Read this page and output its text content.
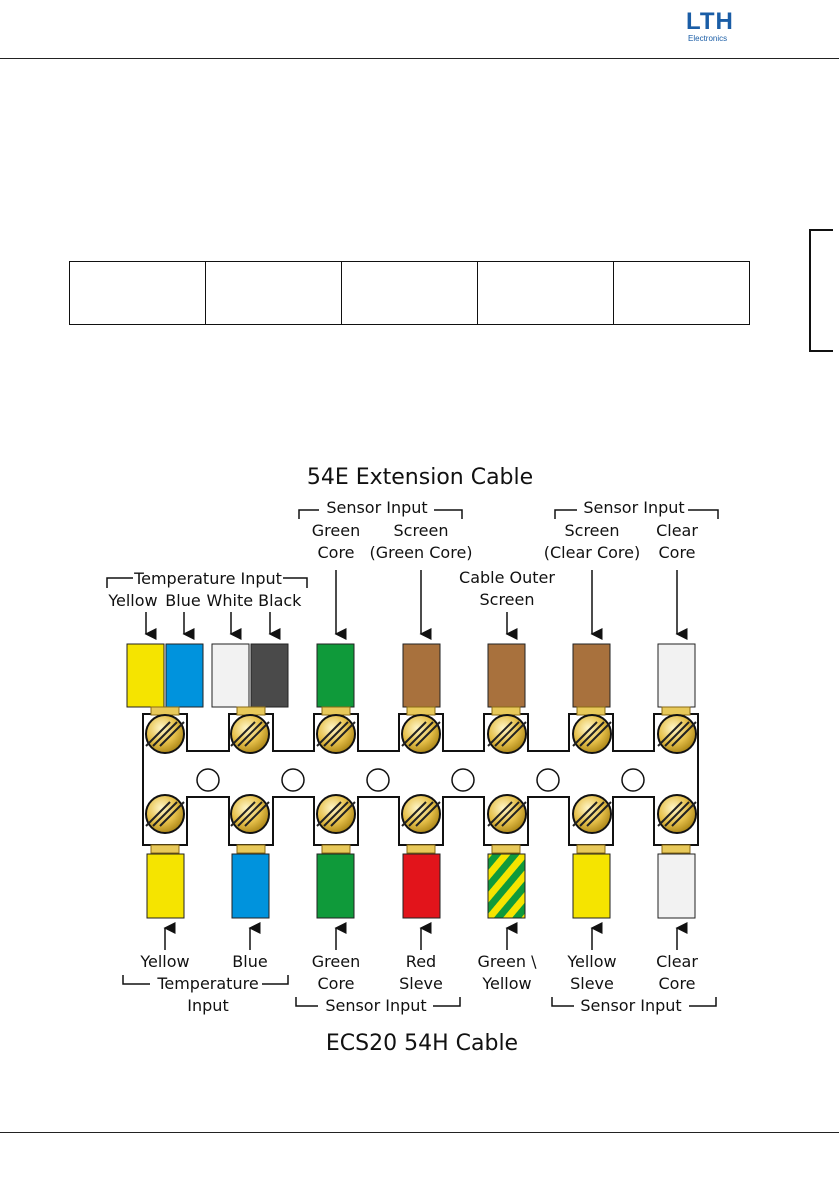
LTH
Electronics

54E Extension Cable
ECS20 54H Cable
Temperature Input
Sensor Input	Sensor Input
Yellow Blue White Black
Green
Core
Screen
(Green Core)
Cable Outer
Screen
Screen
(Clear Core)
Clear
Core
Yellow	Blue	Green
Core
Red
Sleve
Green \
Yellow
Yellow
Sleve
Clear
Core
Temperature
Input	Sensor Input	Sensor Input
